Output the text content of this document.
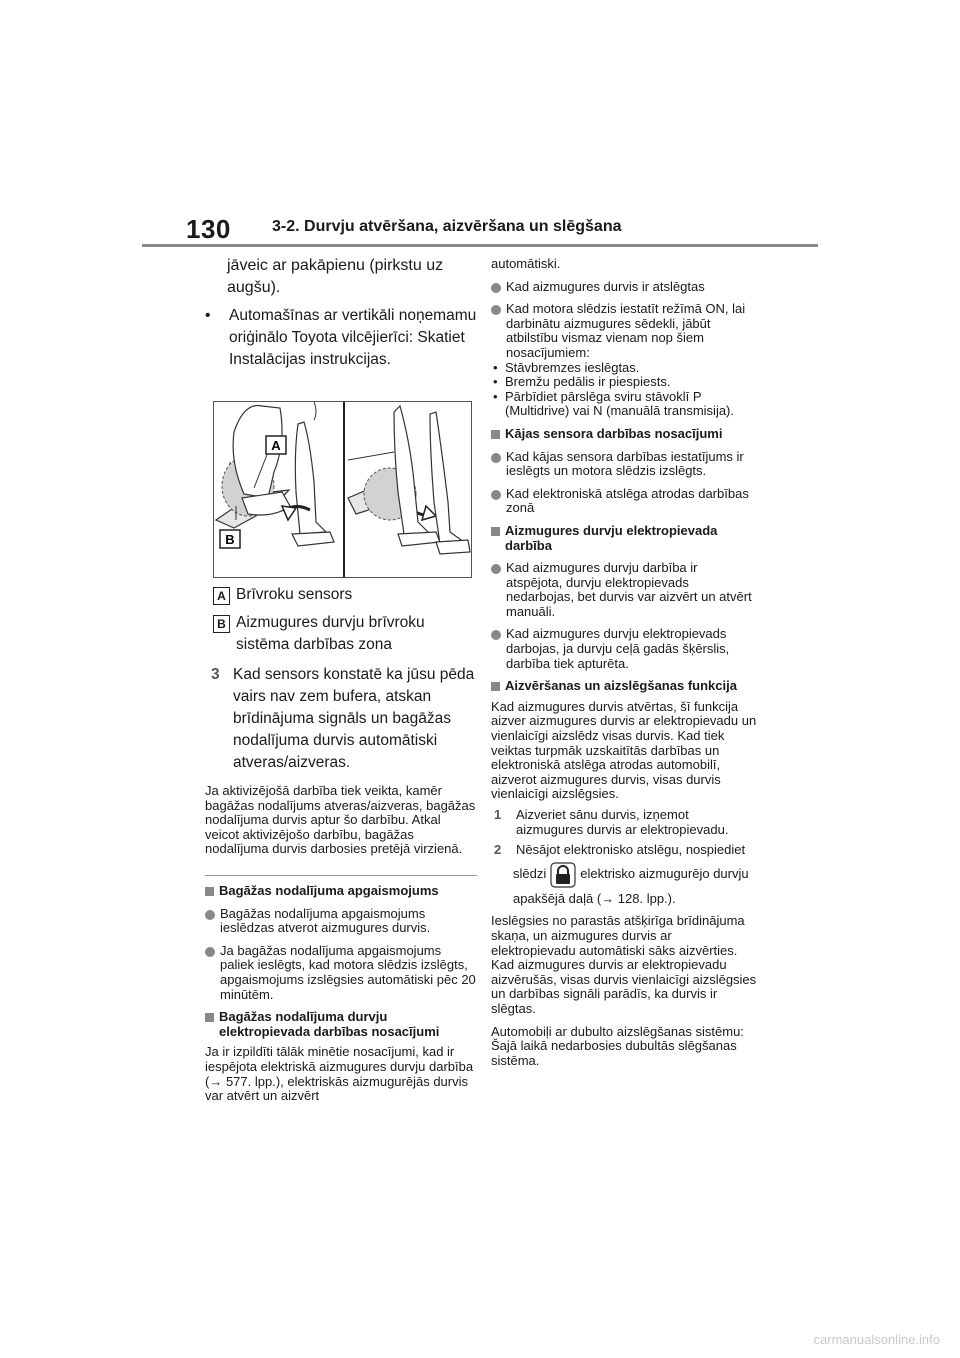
130	3-2. Durvju atvēršana, aizvēršana un slēgšana

jāveic ar pakāpienu (pirkstu uz augšu).

•	Automašīnas ar vertikāli noņemamu oriģinālo Toyota vilcējierīci: Skatiet Instalācijas instrukcijas.
A
B
A Brīvroku sensors
B Aizmugures durvju brīvroku sistēma darbības zona
3 Kad sensors konstatē ka jūsu pēda vairs nav zem bufera, atskan brīdinājuma signāls un bagāžas nodalījuma durvis automātiski atveras/aizveras.

Ja aktivizējošā darbība tiek veikta, kamēr bagāžas nodalījums atveras/aizveras, bagāžas nodalījuma durvis aptur šo darbību. Atkal veicot aktivizējošo darbību, bagāžas nodalījuma durvis darbosies pretējā virzienā.

Bagāžas nodalījuma apgaismojums
Bagāžas nodalījuma apgaismojums ieslēdzas atverot aizmugures durvis.
Ja bagāžas nodalījuma apgaismojums paliek ieslēgts, kad motora slēdzis izslēgts, apgaismojums izslēgsies automātiski pēc 20 minūtēm.
Bagāžas nodalījuma durvju elektropievada darbības nosacījumi

Ja ir izpildīti tālāk minētie nosacījumi, kad ir iespējota elektriskā aizmugures durvju darbība (→ 577. lpp.), elektriskās aizmugurējās durvis var atvērt un aizvērt

automātiski.

Kad aizmugures durvis ir atslēgtas
Kad motora slēdzis iestatīt režīmā ON, lai darbinātu aizmugures sēdekli, jābūt atbilstību vismaz vienam nop šiem nosacījumiem:
• Stāvbremzes ieslēgtas.
• Bremžu pedālis ir piespiests.
• Pārbīdiet pārslēga sviru stāvoklī P (Multidrive) vai N (manuālā transmisija).
Kājas sensora darbības nosacījumi
Kad kājas sensora darbības iestatījums ir ieslēgts un motora slēdzis izslēgts.
Kad elektroniskā atslēga atrodas darbības zonā
Aizmugures durvju elektropievada darbība
Kad aizmugures durvju darbība ir atspējota, durvju elektropievads nedarbojas, bet durvis var aizvērt un atvērt manuāli.
Kad aizmugures durvju elektropievads darbojas, ja durvju ceļā gadās šķērslis, darbība tiek apturēta.
Aizvēršanas un aizslēgšanas funkcija

Kad aizmugures durvis atvērtas, šī funkcija aizver aizmugures durvis ar elektropievadu un vienlaicīgi aizslēdz visas durvis. Kad tiek veiktas turpmāk uzskaitītās darbības un elektroniskā atslēga atrodas automobilī, aizverot aizmugures durvis, visas durvis vienlaicīgi aizslēgsies.

1	Aizveriet sānu durvis, izņemot aizmugures durvis ar elektropievadu.
2	Nēsājot elektronisko atslēgu, nospiediet
slēdzi	elektrisko aizmugurējo durvju

apakšējā daļā (→ 128. lpp.).

Ieslēgsies no parastās atšķirīga brīdinājuma skaņa, un aizmugures durvis ar elektropievadu automātiski sāks aizvērties. Kad aizmugures durvis ar elektropievadu aizvērušās, visas durvis vienlaicīgi aizslēgsies un darbības signāli parādīs, ka durvis ir slēgtas.

Automobiļi ar dubulto aizslēgšanas sistēmu: Šajā laikā nedarbosies dubultās slēgšanas sistēma.

carmanualsonline.info
